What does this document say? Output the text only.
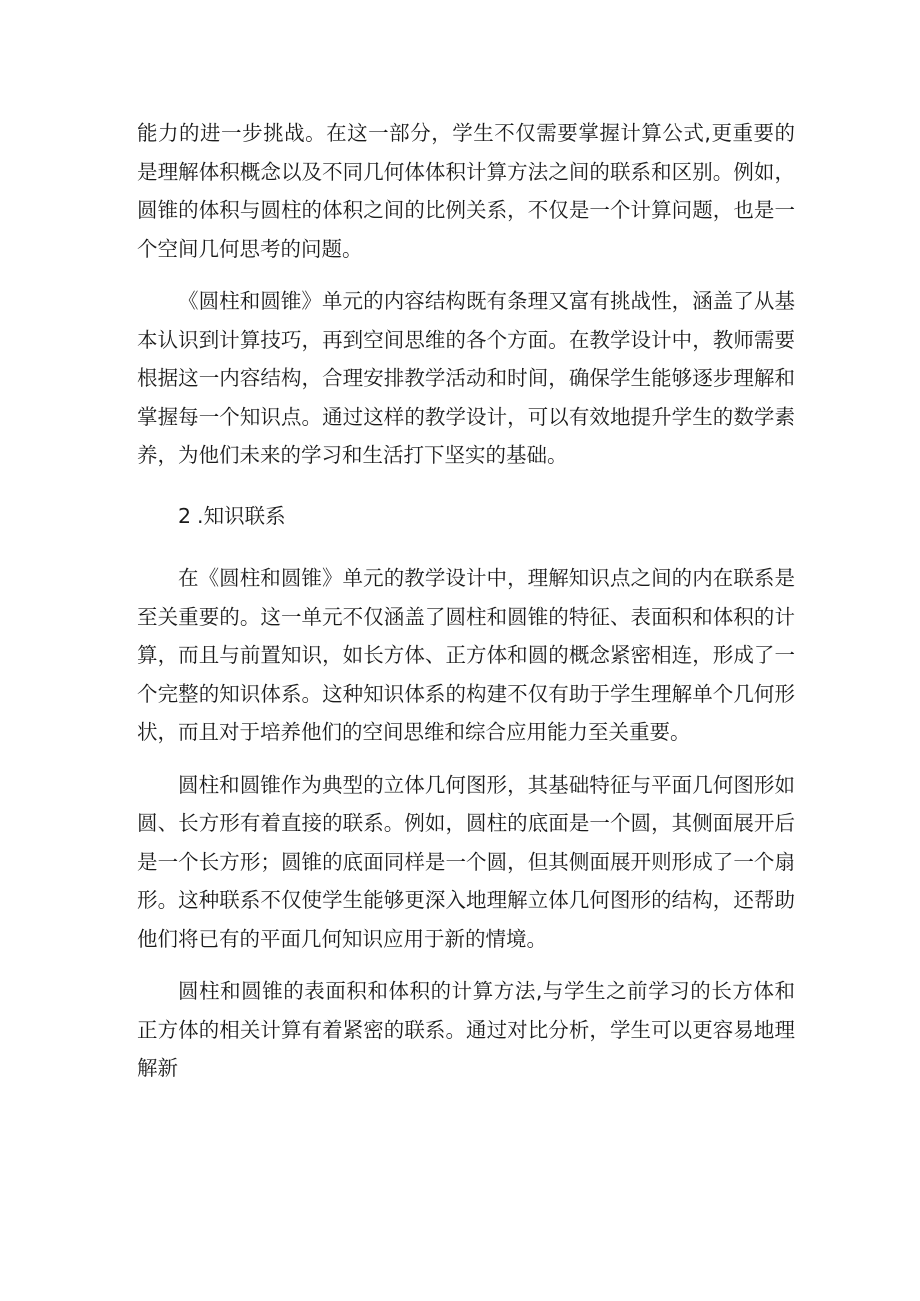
能力的进一步挑战。在这一部分，学生不仅需要掌握计算公式,更重要的是理解体积概念以及不同几何体体积计算方法之间的联系和区别。例如，圆锥的体积与圆柱的体积之间的比例关系，不仅是一个计算问题，也是一个空间几何思考的问题。

《圆柱和圆锥》单元的内容结构既有条理又富有挑战性，涵盖了从基本认识到计算技巧，再到空间思维的各个方面。在教学设计中，教师需要根据这一内容结构，合理安排教学活动和时间，确保学生能够逐步理解和掌握每一个知识点。通过这样的教学设计，可以有效地提升学生的数学素养，为他们未来的学习和生活打下坚实的基础。

2 .知识联系

在《圆柱和圆锥》单元的教学设计中，理解知识点之间的内在联系是至关重要的。这一单元不仅涵盖了圆柱和圆锥的特征、表面积和体积的计算，而且与前置知识，如长方体、正方体和圆的概念紧密相连，形成了一个完整的知识体系。这种知识体系的构建不仅有助于学生理解单个几何形状，而且对于培养他们的空间思维和综合应用能力至关重要。

圆柱和圆锥作为典型的立体几何图形，其基础特征与平面几何图形如圆、长方形有着直接的联系。例如，圆柱的底面是一个圆，其侧面展开后是一个长方形；圆锥的底面同样是一个圆，但其侧面展开则形成了一个扇形。这种联系不仅使学生能够更深入地理解立体几何图形的结构，还帮助他们将已有的平面几何知识应用于新的情境。

圆柱和圆锥的表面积和体积的计算方法,与学生之前学习的长方体和正方体的相关计算有着紧密的联系。通过对比分析，学生可以更容易地理解新
